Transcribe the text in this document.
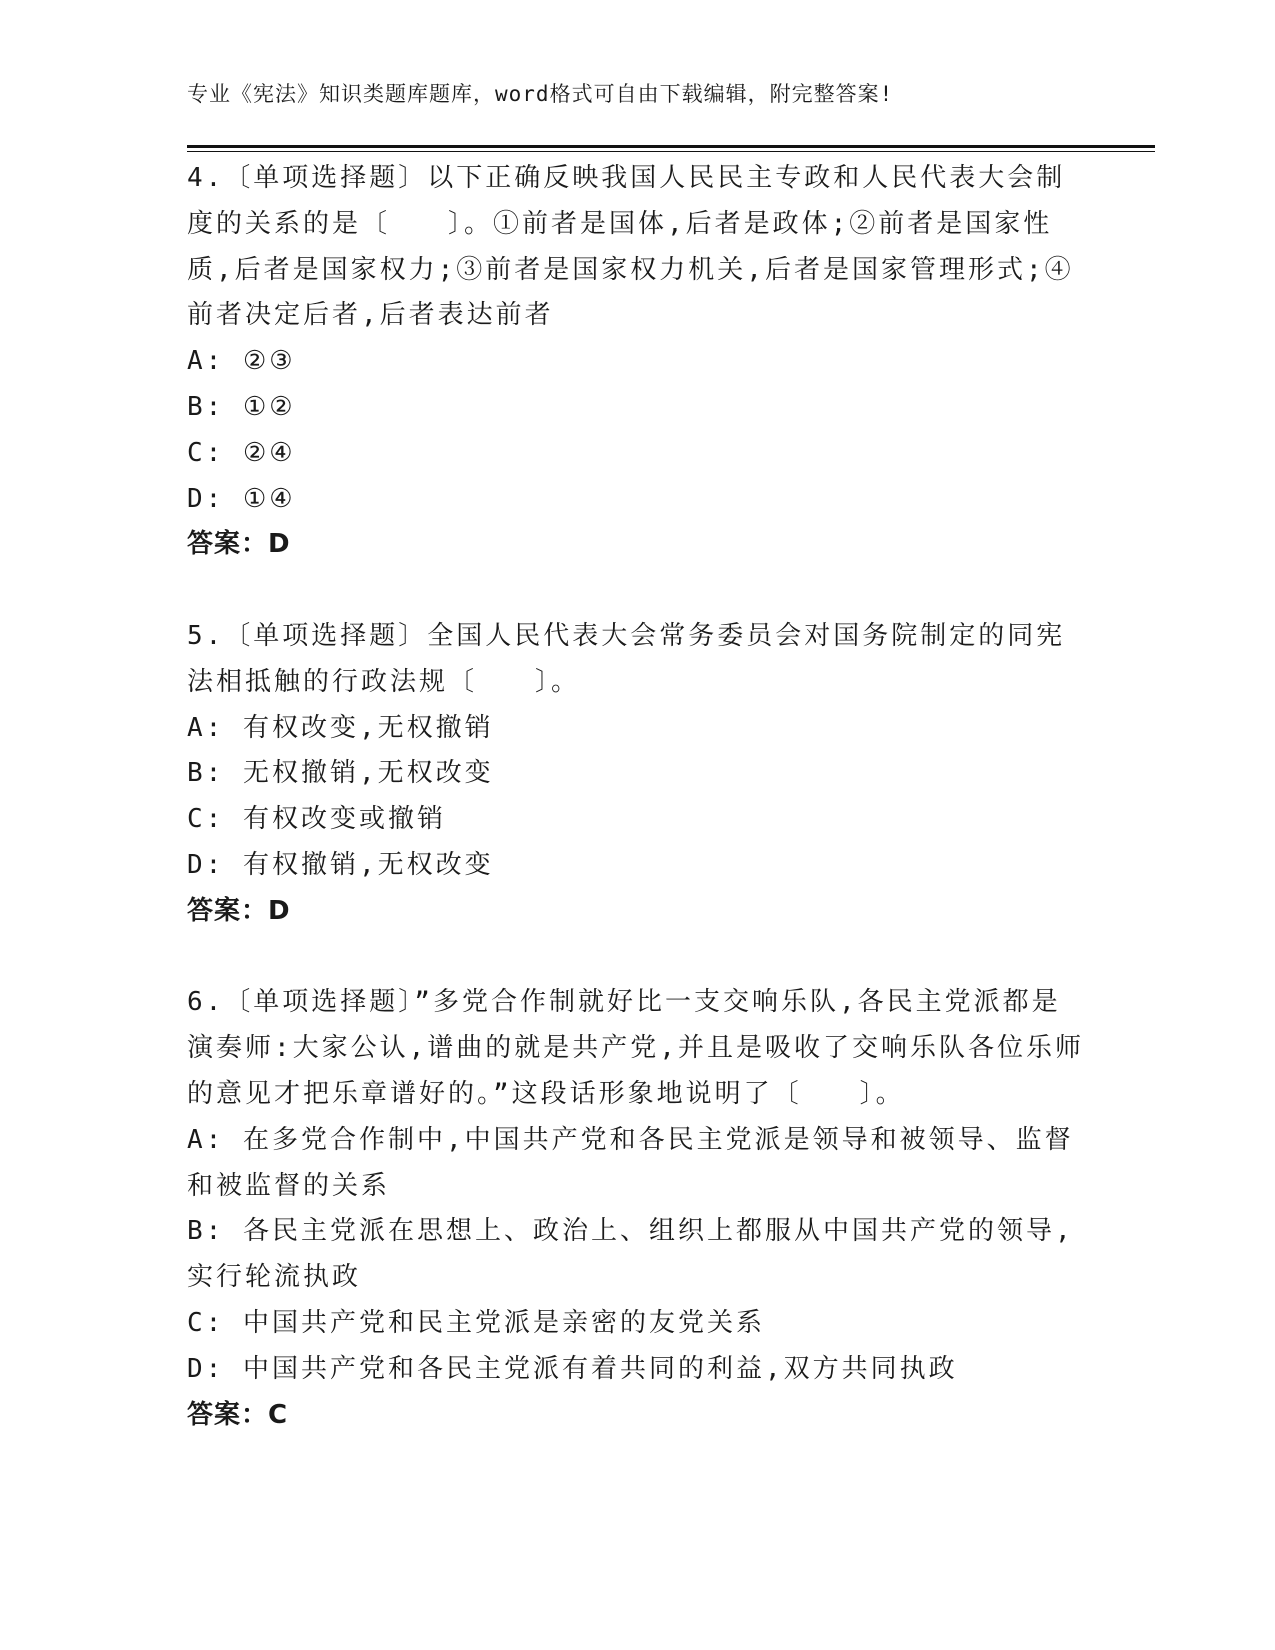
专业《宪法》知识类题库题库，word格式可自由下载编辑，附完整答案!
4.〔单项选择题〕以下正确反映我国人民民主专政和人民代表大会制度的关系的是〔　　〕。①前者是国体,后者是政体;②前者是国家性质,后者是国家权力;③前者是国家权力机关,后者是国家管理形式;④前者决定后者,后者表达前者
A: ②③
B: ①②
C: ②④
D: ①④
答案：D
5.〔单项选择题〕全国人民代表大会常务委员会对国务院制定的同宪法相抵触的行政法规〔　　〕。
A: 有权改变,无权撤销
B: 无权撤销,无权改变
C: 有权改变或撤销
D: 有权撤销,无权改变
答案：D
6.〔单项选择题〕”多党合作制就好比一支交响乐队,各民主党派都是演奏师:大家公认,谱曲的就是共产党,并且是吸收了交响乐队各位乐师的意见才把乐章谱好的。”这段话形象地说明了〔　　〕。
A: 在多党合作制中,中国共产党和各民主党派是领导和被领导、监督和被监督的关系
B: 各民主党派在思想上、政治上、组织上都服从中国共产党的领导,实行轮流执政
C: 中国共产党和民主党派是亲密的友党关系
D: 中国共产党和各民主党派有着共同的利益,双方共同执政
答案：C
